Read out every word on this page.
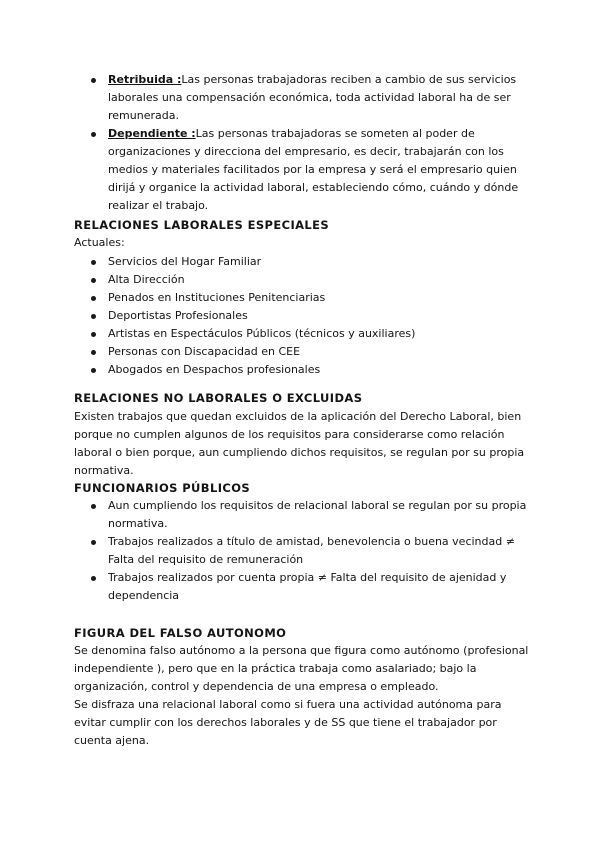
Retribuida :Las personas trabajadoras reciben a cambio de sus servicios laborales una compensación económica, toda actividad laboral ha de ser remunerada.
Dependiente :Las personas trabajadoras se someten al poder de organizaciones y direcciona del empresario, es decir, trabajarán con los medios y materiales facilitados por la empresa y será el empresario quien dirijá y organice la actividad laboral, estableciendo cómo, cuándo y dónde realizar el trabajo.
RELACIONES LABORALES ESPECIALES

Actuales:

Servicios del Hogar Familiar
Alta Dirección
Penados en Instituciones Penitenciarias
Deportistas Profesionales
Artistas en Espectáculos Públicos (técnicos y auxiliares)
Personas con Discapacidad en CEE
Abogados en Despachos profesionales
RELACIONES NO LABORALES O EXCLUIDAS

Existen trabajos que quedan excluidos de la aplicación del Derecho Laboral, bien porque no cumplen algunos de los requisitos para considerarse como relación laboral o bien porque, aun cumpliendo dichos requisitos, se regulan por su propia normativa.

FUNCIONARIOS PÚBLICOS
Aun cumpliendo los requisitos de relacional laboral se regulan por su propia normativa.
Trabajos realizados a título de amistad, benevolencia o buena vecindad ≠ Falta del requisito de remuneración
Trabajos realizados por cuenta propia ≠ Falta del requisito de ajenidad y dependencia
FIGURA DEL FALSO AUTONOMO

Se denomina falso autónomo a la persona que figura como autónomo (profesional independiente ), pero que en la práctica trabaja como asalariado; bajo la organización, control y dependencia de una empresa o empleado.

Se disfraza una relacional laboral como si fuera una actividad autónoma para evitar cumplir con los derechos laborales y de SS que tiene el trabajador por cuenta ajena.
